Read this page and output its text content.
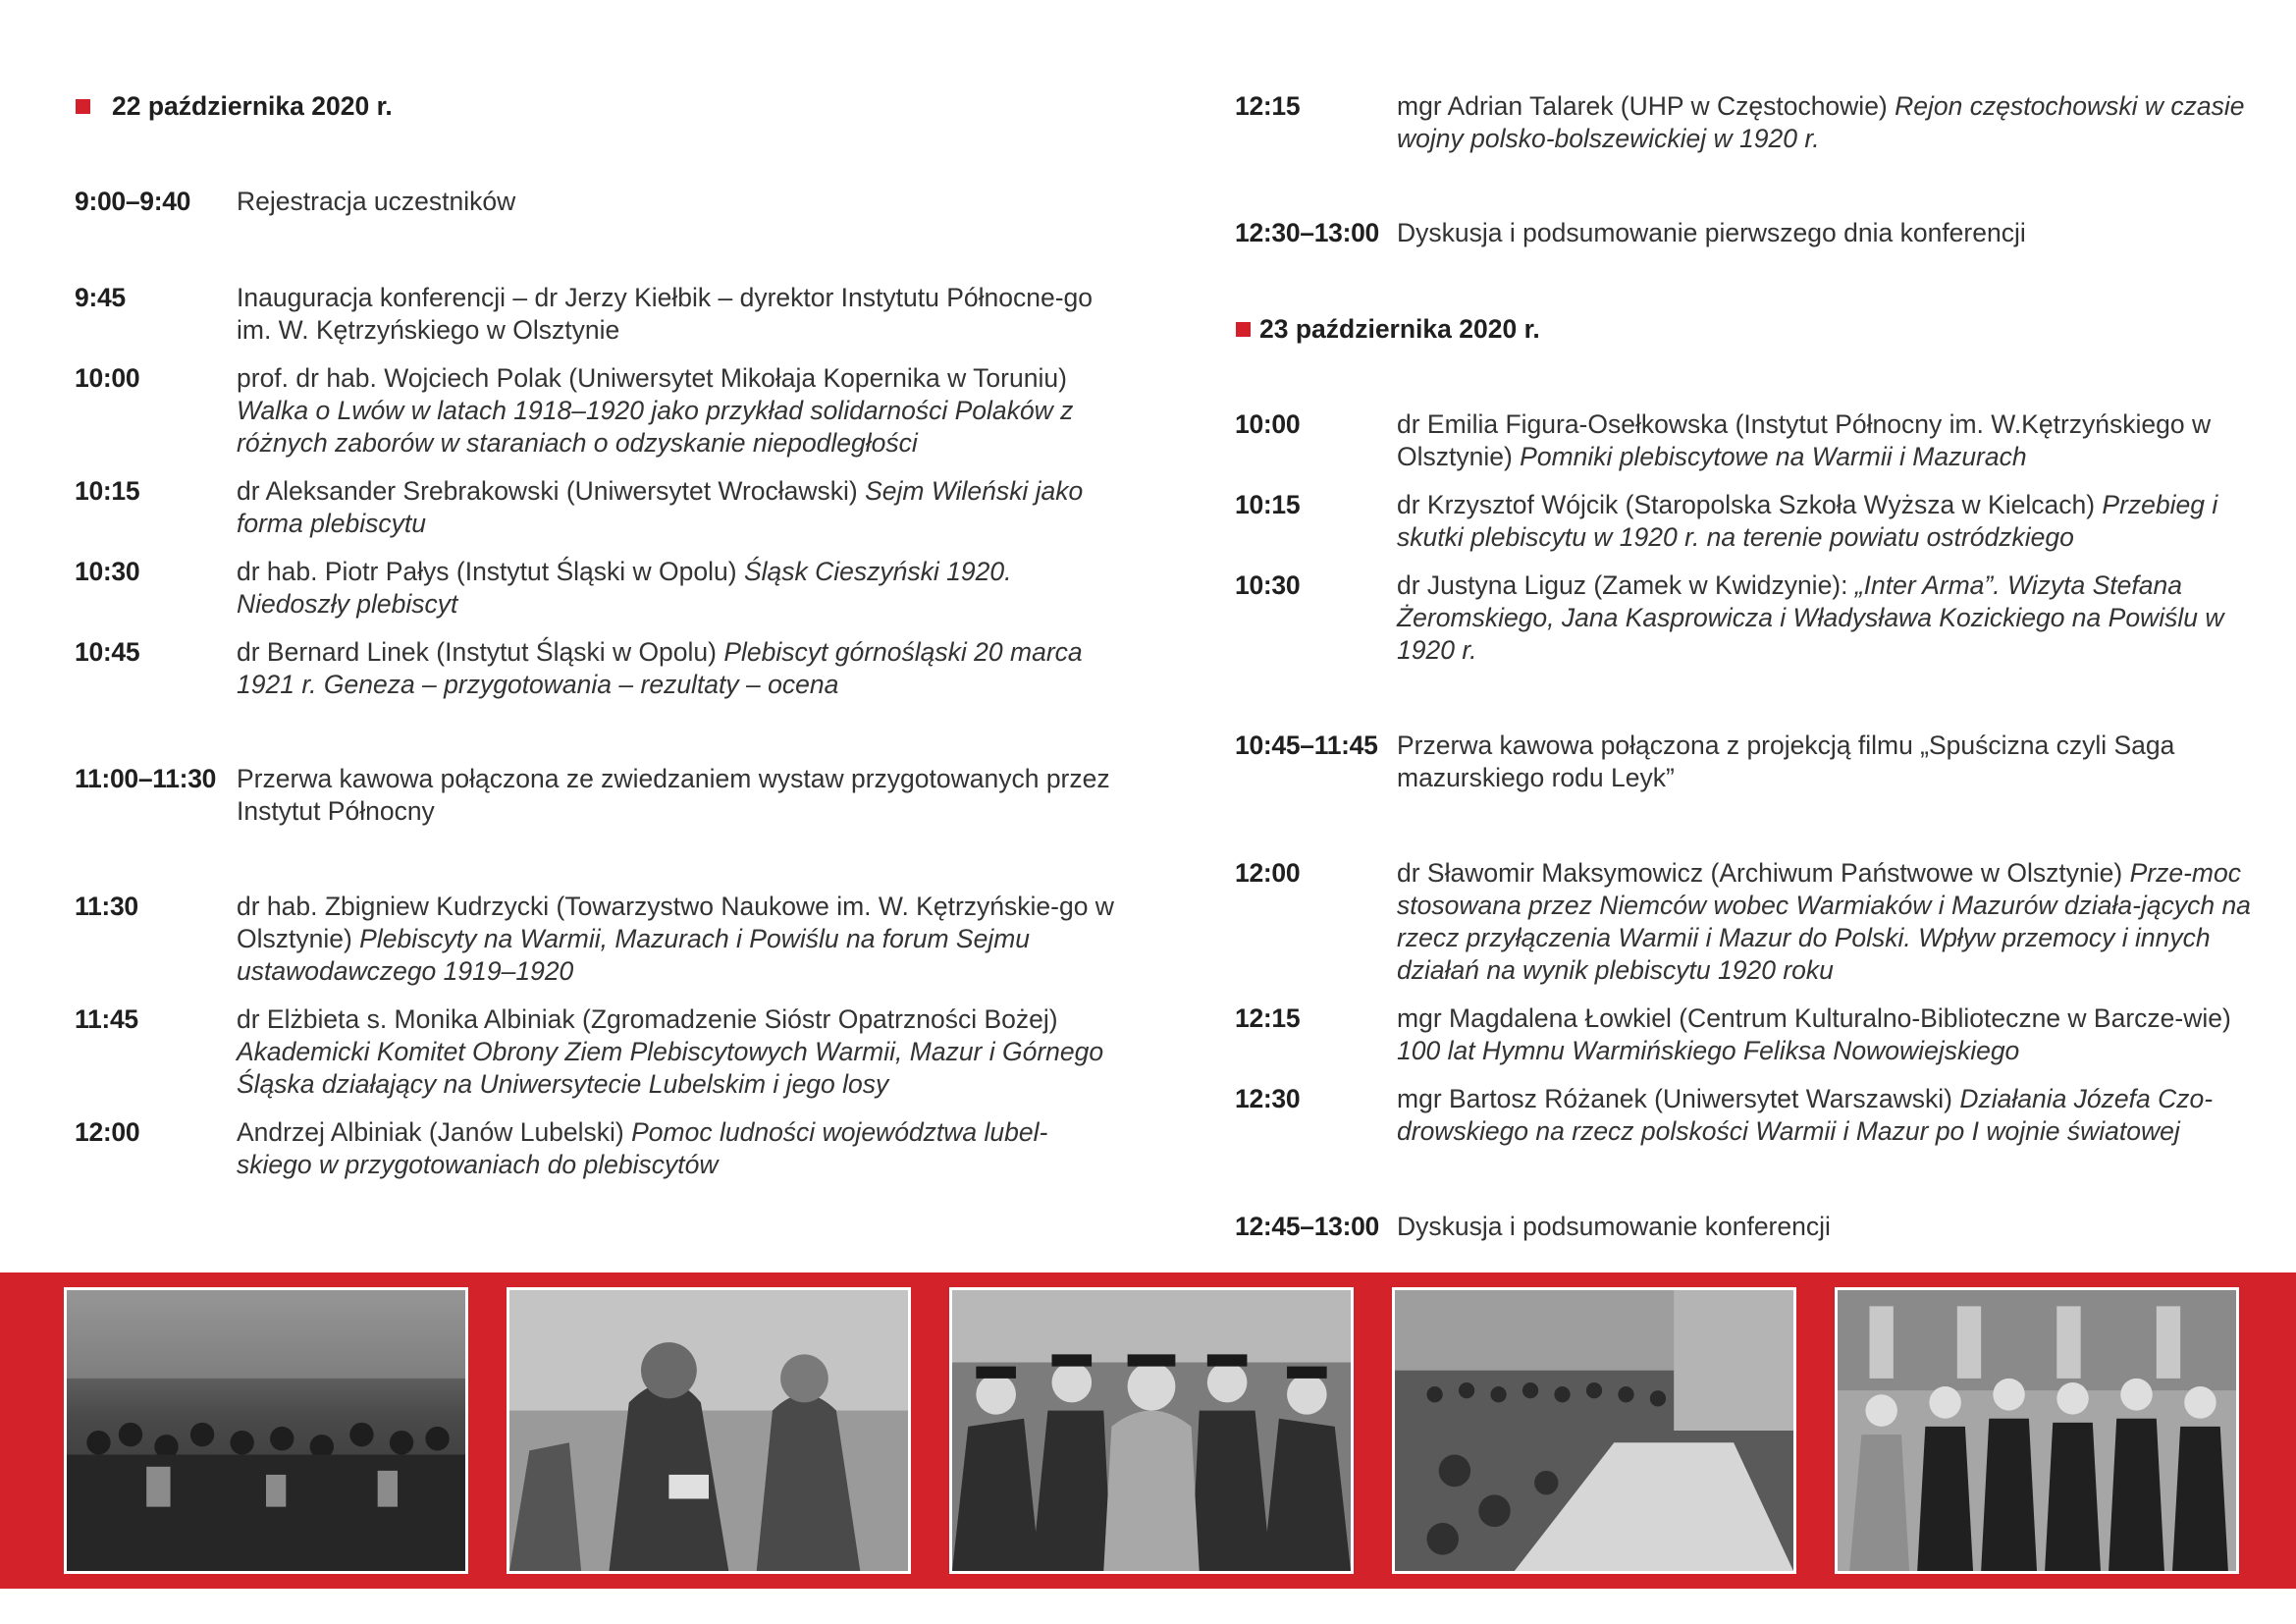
22 października 2020 r.
9:00–9:40 Rejestracja uczestników
9:45	Inauguracja konferencji – dr Jerzy Kiełbik – dyrektor Instytutu Północne-go im. W. Kętrzyńskiego w Olsztynie
10:00	prof. dr hab. Wojciech Polak (Uniwersytet Mikołaja Kopernika w Toruniu) Walka o Lwów w latach 1918–1920 jako przykład solidarności Polaków z różnych zaborów w staraniach o odzyskanie niepodległości
10:15	dr Aleksander Srebrakowski (Uniwersytet Wrocławski) Sejm Wileński jako forma plebiscytu
10:30	dr hab. Piotr Pałys (Instytut Śląski w Opolu) Śląsk Cieszyński 1920. Niedoszły plebiscyt
10:45	dr Bernard Linek (Instytut Śląski w Opolu) Plebiscyt górnośląski 20 marca 1921 r. Geneza – przygotowania – rezultaty – ocena
11:00–11:30 Przerwa kawowa połączona ze zwiedzaniem wystaw przygotowanych przez Instytut Północny
11:30	dr hab. Zbigniew Kudrzycki (Towarzystwo Naukowe im. W. Kętrzyńskie-go w Olsztynie) Plebiscyty na Warmii, Mazurach i Powiślu na forum Sejmu ustawodawczego 1919–1920
11:45	dr Elżbieta s. Monika Albiniak (Zgromadzenie Sióstr Opatrzności Bożej) Akademicki Komitet Obrony Ziem Plebiscytowych Warmii, Mazur i Górnego Śląska działający na Uniwersytecie Lubelskim i jego losy
12:00	Andrzej Albiniak (Janów Lubelski) Pomoc ludności województwa lubel-skiego w przygotowaniach do plebiscytów
12:15	mgr Adrian Talarek (UHP w Częstochowie) Rejon częstochowski w czasie wojny polsko-bolszewickiej w 1920 r.
12:30–13:00 Dyskusja i podsumowanie pierwszego dnia konferencji
23 października 2020 r.
10:00	dr Emilia Figura-Osełkowska (Instytut Północny im. W.Kętrzyńskiego w Olsztynie) Pomniki plebiscytowe na Warmii i Mazurach
10:15	dr Krzysztof Wójcik (Staropolska Szkoła Wyższa w Kielcach) Przebieg i skutki plebiscytu w 1920 r. na terenie powiatu ostródzkiego
10:30	dr Justyna Liguz (Zamek w Kwidzynie): „Inter Arma”. Wizyta Stefana Żeromskiego, Jana Kasprowicza i Władysława Kozickiego na Powiślu w 1920 r.
10:45–11:45 Przerwa kawowa połączona z projekcją filmu „Spuścizna czyli Saga mazurskiego rodu Leyk”
12:00	dr Sławomir Maksymowicz (Archiwum Państwowe w Olsztynie) Prze-moc stosowana przez Niemców wobec Warmiaków i Mazurów działa-jących na rzecz przyłączenia Warmii i Mazur do Polski. Wpływ przemocy i innych działań na wynik plebiscytu 1920 roku
12:15	mgr Magdalena Łowkiel (Centrum Kulturalno-Biblioteczne w Barcze-wie) 100 lat Hymnu Warmińskiego Feliksa Nowowiejskiego
12:30	mgr Bartosz Różanek (Uniwersytet Warszawski) Działania Józefa Czo-drowskiego na rzecz polskości Warmii i Mazur po I wojnie światowej
12:45–13:00 Dyskusja i podsumowanie konferencji
